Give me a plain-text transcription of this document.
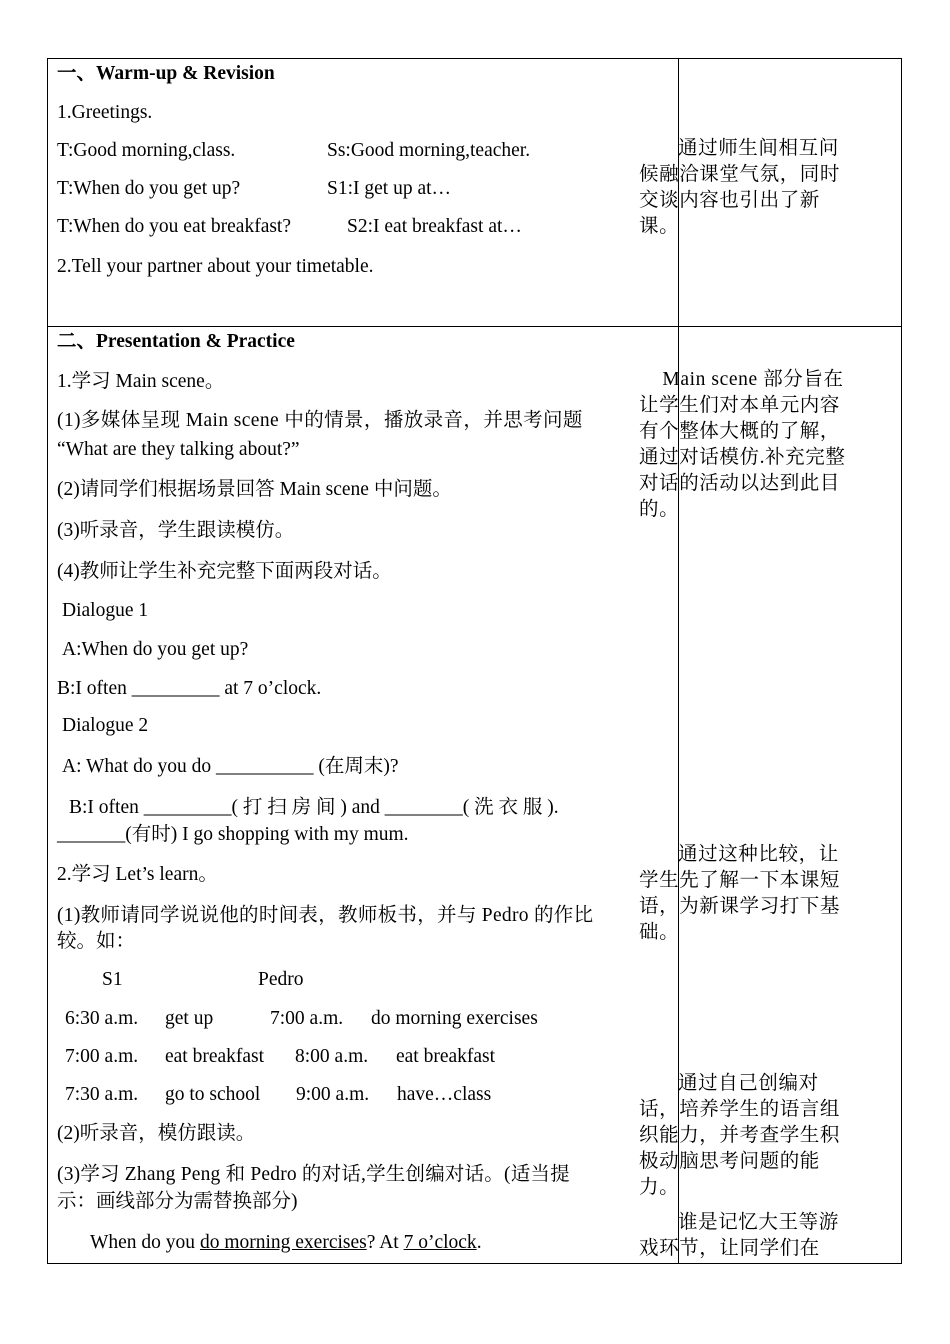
一、Warm-up & Revision
1.Greetings.
T:Good morning,class.	Ss:Good morning,teacher.
T:When do you get up?	S1:I get up at…
T:When do you eat breakfast?	S2:I eat breakfast at…
2.Tell your partner about your timetable.
通过师生间相互问候融洽课堂气氛，同时交谈内容也引出了新课。
二、Presentation & Practice
1.学习 Main scene。
(1)多媒体呈现 Main scene 中的情景，播放录音，并思考问题
“What are they talking about?”
(2)请同学们根据场景回答 Main scene 中问题。
(3)听录音，学生跟读模仿。
(4)教师让学生补充完整下面两段对话。
Dialogue 1
A:When do you get up?
B:I often _________ at 7 o’clock.
Dialogue 2
A: What do you do __________ (在周末)?
B:I often _________( 打 扫 房 间 ) and ________( 洗 衣 服 ).
_______(有时) I go shopping with my mum.
2.学习 Let’s learn。
(1)教师请同学说说他的时间表，教师板书，并与 Pedro 的作比
较。如：
S1	Pedro
6:30 a.m. get up	7:00 a.m. do morning exercises
7:00 a.m. eat breakfast 8:00 a.m. eat breakfast
7:30 a.m. go to school 9:00 a.m. have…class
(2)听录音，模仿跟读。
(3)学习 Zhang Peng 和 Pedro 的对话,学生创编对话。(适当提
示：画线部分为需替换部分)
When do you do morning exercises? At 7 o’clock.
Main scene 部分旨在让学生们对本单元内容有个整体大概的了解，通过对话模仿.补充完整对话的活动以达到此目的。
通过这种比较，让学生先了解一下本课短语，为新课学习打下基础。
通过自己创编对话，培养学生的语言组织能力，并考查学生积极动脑思考问题的能力。
谁是记忆大王等游戏环节，让同学们在
